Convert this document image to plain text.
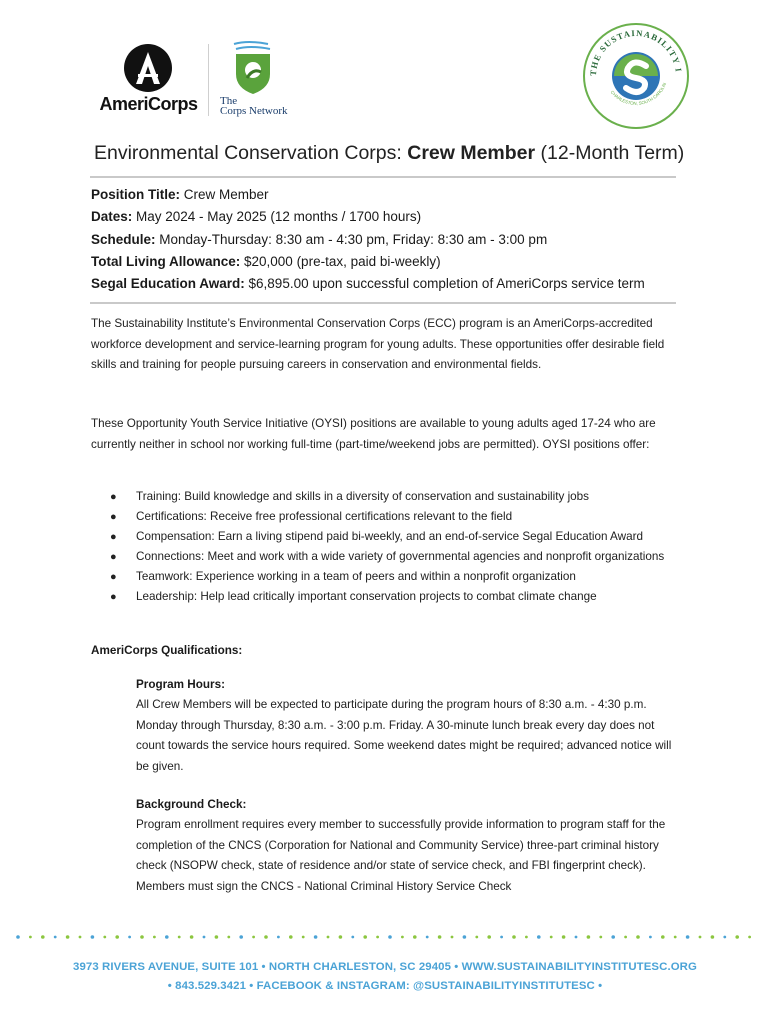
AmeriCorps	The
Corps Network
THE SUSTAINABILITY I
CHARLESTON, SOUTH CAROLIN
Environmental Conservation Corps: Crew Member (12-Month Term)
Position Title: Crew Member
Dates: May 2024 - May 2025 (12 months / 1700 hours)
Schedule: Monday-Thursday: 8:30 am - 4:30 pm, Friday: 8:30 am - 3:00 pm
Total Living Allowance: $20,000 (pre-tax, paid bi-weekly)
Segal Education Award: $6,895.00 upon successful completion of AmeriCorps service term
The Sustainability Institute’s Environmental Conservation Corps (ECC) program is an AmeriCorps-accredited workforce development and service-learning program for young adults. These opportunities offer desirable field skills and training for people pursuing careers in conservation and environmental fields.
These Opportunity Youth Service Initiative (OYSI) positions are available to young adults aged 17-24 who are currently neither in school nor working full-time (part-time/weekend jobs are permitted). OYSI positions offer:
● Training: Build knowledge and skills in a diversity of conservation and sustainability jobs
● Certifications: Receive free professional certifications relevant to the field
● Compensation: Earn a living stipend paid bi-weekly, and an end-of-service Segal Education Award
● Connections: Meet and work with a wide variety of governmental agencies and nonprofit organizations
● Teamwork: Experience working in a team of peers and within a nonprofit organization
● Leadership: Help lead critically important conservation projects to combat climate change
AmeriCorps Qualifications:
Program Hours:
All Crew Members will be expected to participate during the program hours of 8:30 a.m. - 4:30 p.m. Monday through Thursday, 8:30 a.m. - 3:00 p.m. Friday. A 30-minute lunch break every day does not count towards the service hours required. Some weekend dates might be required; advanced notice will be given.
Background Check:
Program enrollment requires every member to successfully provide information to program staff for the completion of the CNCS (Corporation for National and Community Service) three-part criminal history check (NSOPW check, state of residence and/or state of service check, and FBI fingerprint check). Members must sign the CNCS - National Criminal History Service Check
3973 RIVERS AVENUE, SUITE 101 • NORTH CHARLESTON, SC 29405 • WWW.SUSTAINABILITYINSTITUTESC.ORG
• 843.529.3421 • FACEBOOK & INSTAGRAM: @SUSTAINABILITYINSTITUTESC •
